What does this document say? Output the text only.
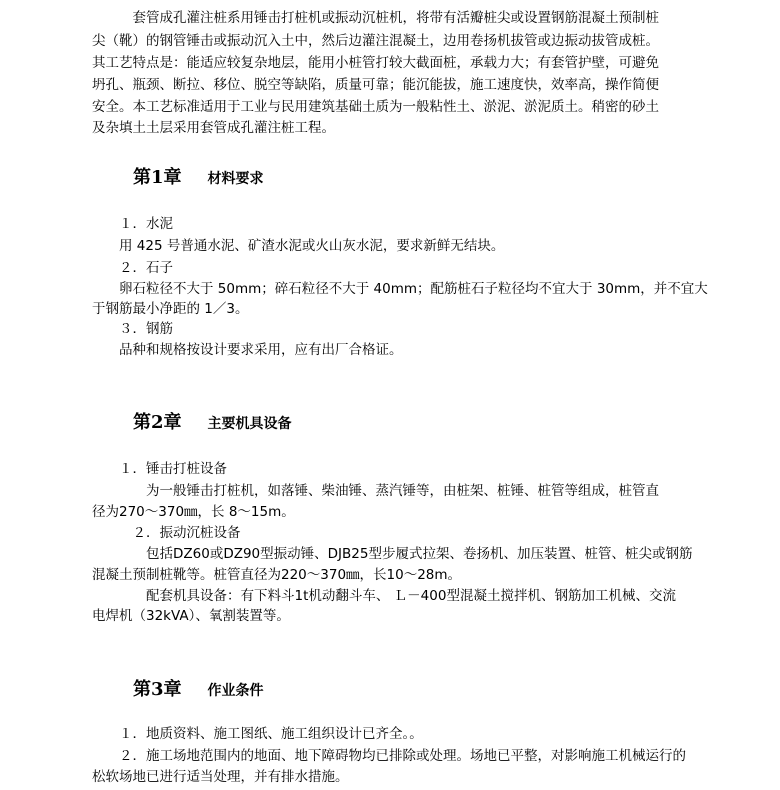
　　　套管成孔灌注桩系用锤击打桩机或振动沉桩机，将带有活瓣桩尖或设置钢筋混凝土预制桩

尖（靴）的钢管锤击或振动沉入土中，然后边灌注混凝土，边用卷扬机拔管或边振动拔管成桩。

其工艺特点是：能适应较复杂地层，能用小桩管打较大截面桩，承载力大；有套管护壁，可避免

坍孔、瓶颈、断拉、移位、脱空等缺陷，质量可靠；能沉能拔，施工速度快，效率高，操作简便

安全。本工艺标准适用于工业与民用建筑基础土质为一般粘性土、淤泥、淤泥质土。稍密的砂土

及杂填土土层采用套管成孔灌注桩工程。

第1章 材料要求

　　１．水泥

　　用 425 号普通水泥、矿渣水泥或火山灰水泥，要求新鲜无结块。

　　２．石子

　　卵石粒径不大于 50mm；碎石粒径不大于 40mm；配筋桩石子粒径均不宜大于 30mm，并不宜大

于钢筋最小净距的 1／3。

　　３．钢筋

　　品种和规格按设计要求采用，应有出厂合格证。

第2章 主要机具设备

　　１．锤击打桩设备

　　　　为一般锤击打桩机，如落锤、柴油锤、蒸汽锤等，由桩架、桩锤、桩管等组成，桩管直

径为270～370㎜，长 8～15m。

　　　２．振动沉桩设备

　　　　包括DZ60或DZ90型振动锤、DJB25型步履式拉架、卷扬机、加压装置、桩管、桩尖或钢筋

混凝土预制桩靴等。桩管直径为220～370㎜，长10～28m。

　　　　配套机具设备：有下料斗1t机动翻斗车、 Ｌ－400型混凝土搅拌机、钢筋加工机械、交流

电焊机（32kVA）、氧割装置等。

第3章 作业条件

　　１．地质资料、施工图纸、施工组织设计已齐全。。

　　２．施工场地范围内的地面、地下障碍物均已排除或处理。场地已平整，对影响施工机械运行的

松软场地已进行适当处理，并有排水措施。
